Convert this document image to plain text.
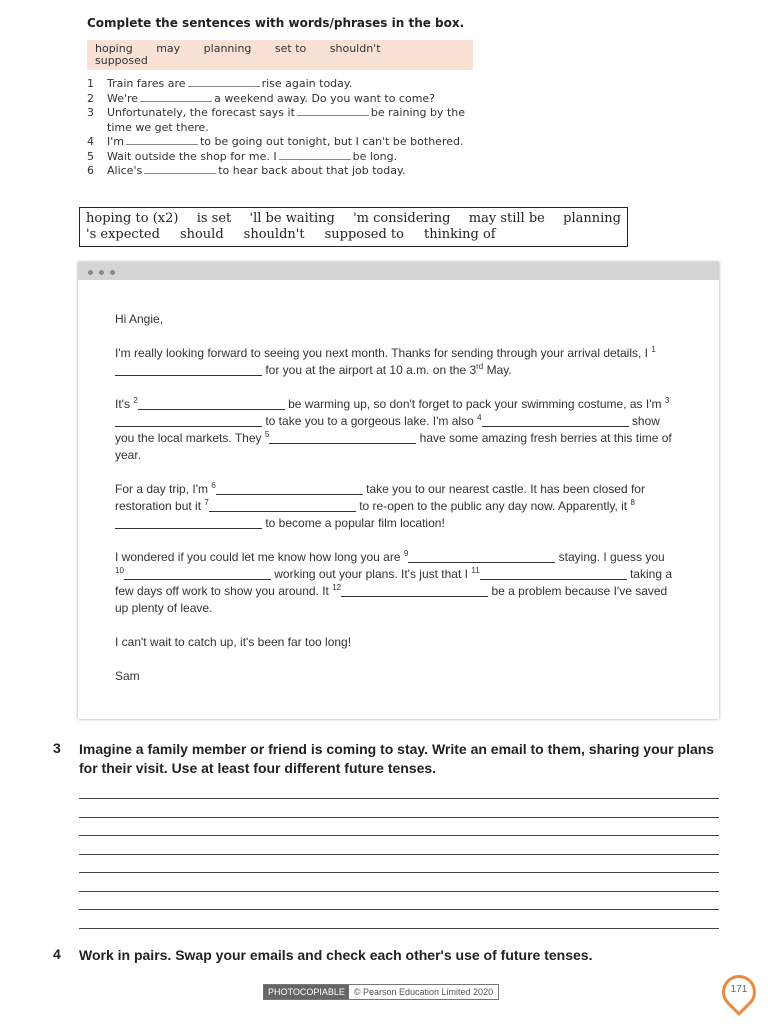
Complete the sentences with words/phrases in the box.
hoping may planning set to shouldn't
supposed
1 Train fares are	rise again today.
2 We're	a weekend away. Do you want to come?
3 Unfortunately, the forecast says it	be raining by the time we get there.
4 I'm	to be going out tonight, but I can't be bothered.
5 Wait outside the shop for me. I	be long.
6 Alice's	to hear back about that job today.
hoping to (x2) is set 'll be waiting 'm considering may still be planning
's expected should shouldn't supposed to thinking of

Hi Angie,

I'm really looking forward to seeing you next month. Thanks for sending through your arrival details, I $^1$ for you at the airport at 10 a.m. on the 3rd May.

It's $^2$	be warming up, so don't forget to pack your swimming costume, as I'm $^3$ to take you to a gorgeous lake. I'm also $^4$	show you the local markets. They $^5$	have some amazing fresh berries at this time of year.

For a day trip, I'm $^6$	take you to our nearest castle. It has been closed for restoration but it $^7$	to re-open to the public any day now. Apparently, it $^8$ to become a popular film location!

I wondered if you could let me know how long you are $^9$	staying. I guess you $^{10}$	working out your plans. It's just that I $^{11}$	taking a few days off work to show you around. It $^{12}$	be a problem because I've saved up plenty of leave.

I can't wait to catch up, it's been far too long!

Sam

3 Imagine a family member or friend is coming to stay. Write an email to them, sharing your plans for their visit. Use at least four different future tenses.
4 Work in pairs. Swap your emails and check each other's use of future tenses.
PHOTOCOPIABLE	© Pearson Education Limited 2020	171
